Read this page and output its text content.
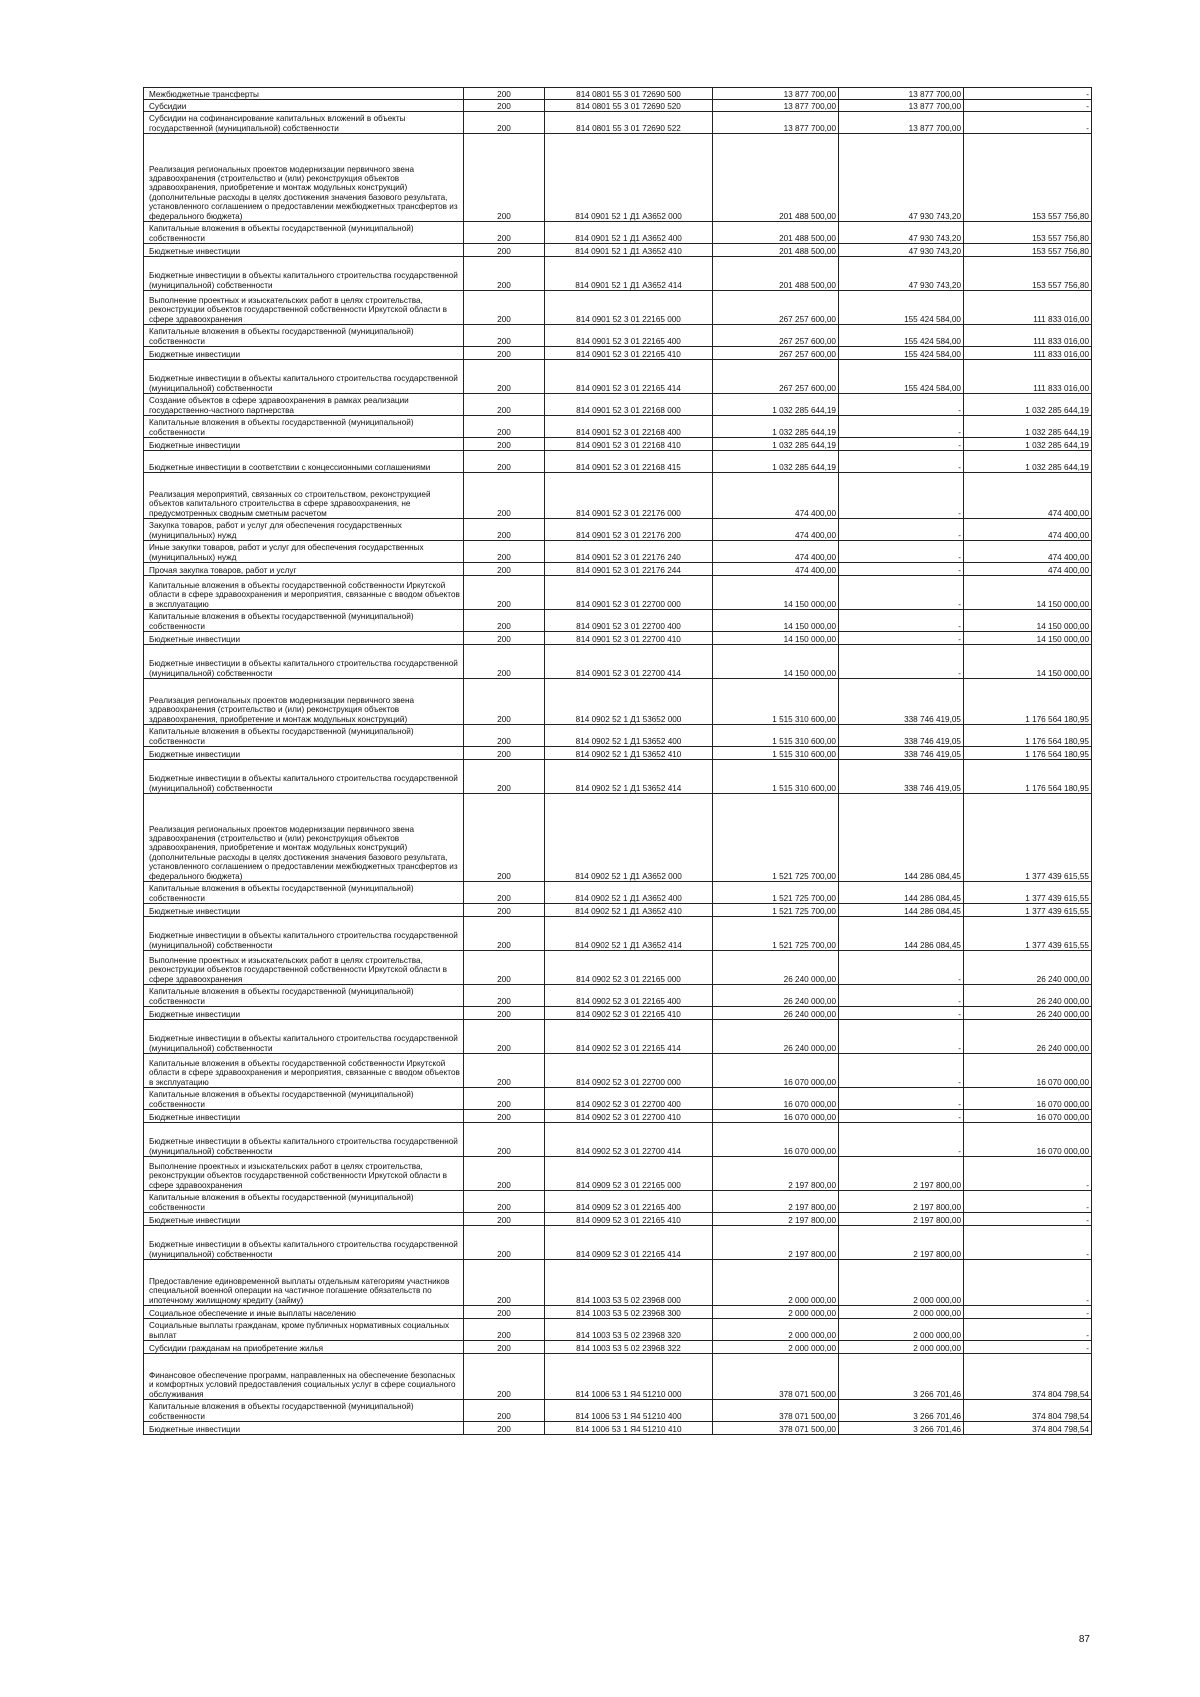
Межбюджетные трансферты	200	814 0801 55 3 01 72690 500	13 877 700,00	13 877 700,00	-
Субсидии	200	814 0801 55 3 01 72690 520	13 877 700,00	13 877 700,00	-
Субсидии на софинансирование капитальных вложений в объекты государственной (муниципальной) собственности	200	814 0801 55 3 01 72690 522	13 877 700,00	13 877 700,00	-
Реализация региональных проектов модернизации первичного звена здравоохранения (строительство и (или) реконструкция объектов здравоохранения, приобретение и монтаж модульных конструкций) (дополнительные расходы в целях достижения значения базового результата, установленного соглашением о предоставлении межбюджетных трансфертов из федерального бюджета)	200	814 0901 52 1 Д1 А3652 000	201 488 500,00	47 930 743,20	153 557 756,80
Капитальные вложения в объекты государственной (муниципальной) собственности	200	814 0901 52 1 Д1 А3652 400	201 488 500,00	47 930 743,20	153 557 756,80
Бюджетные инвестиции	200	814 0901 52 1 Д1 А3652 410	201 488 500,00	47 930 743,20	153 557 756,80
Бюджетные инвестиции в объекты капитального строительства государственной (муниципальной) собственности	200	814 0901 52 1 Д1 А3652 414	201 488 500,00	47 930 743,20	153 557 756,80
Выполнение проектных и изыскательских работ в целях строительства, реконструкции объектов государственной собственности Иркутской области в сфере здравоохранения	200	814 0901 52 3 01 22165 000	267 257 600,00	155 424 584,00	111 833 016,00
Капитальные вложения в объекты государственной (муниципальной) собственности	200	814 0901 52 3 01 22165 400	267 257 600,00	155 424 584,00	111 833 016,00
Бюджетные инвестиции	200	814 0901 52 3 01 22165 410	267 257 600,00	155 424 584,00	111 833 016,00
Бюджетные инвестиции в объекты капитального строительства государственной (муниципальной) собственности	200	814 0901 52 3 01 22165 414	267 257 600,00	155 424 584,00	111 833 016,00
Создание объектов в сфере здравоохранения в рамках реализации государственно-частного партнерства	200	814 0901 52 3 01 22168 000	1 032 285 644,19	-	1 032 285 644,19
Капитальные вложения в объекты государственной (муниципальной) собственности	200	814 0901 52 3 01 22168 400	1 032 285 644,19	-	1 032 285 644,19
Бюджетные инвестиции	200	814 0901 52 3 01 22168 410	1 032 285 644,19	-	1 032 285 644,19
Бюджетные инвестиции в соответствии с концессионными соглашениями	200	814 0901 52 3 01 22168 415	1 032 285 644,19	-	1 032 285 644,19
Реализация мероприятий, связанных со строительством, реконструкцией объектов капитального строительства в сфере здравоохранения, не предусмотренных сводным сметным расчетом	200	814 0901 52 3 01 22176 000	474 400,00	-	474 400,00
Закупка товаров, работ и услуг для обеспечения государственных (муниципальных) нужд	200	814 0901 52 3 01 22176 200	474 400,00	-	474 400,00
Иные закупки товаров, работ и услуг для обеспечения государственных (муниципальных) нужд	200	814 0901 52 3 01 22176 240	474 400,00	-	474 400,00
Прочая закупка товаров, работ и услуг	200	814 0901 52 3 01 22176 244	474 400,00	-	474 400,00
Капитальные вложения в объекты государственной собственности Иркутской области в сфере здравоохранения и мероприятия, связанные с вводом объектов в эксплуатацию	200	814 0901 52 3 01 22700 000	14 150 000,00	-	14 150 000,00
Капитальные вложения в объекты государственной (муниципальной) собственности	200	814 0901 52 3 01 22700 400	14 150 000,00	-	14 150 000,00
Бюджетные инвестиции	200	814 0901 52 3 01 22700 410	14 150 000,00	-	14 150 000,00
Бюджетные инвестиции в объекты капитального строительства государственной (муниципальной) собственности	200	814 0901 52 3 01 22700 414	14 150 000,00	-	14 150 000,00
Реализация региональных проектов модернизации первичного звена здравоохранения (строительство и (или) реконструкция объектов здравоохранения, приобретение и монтаж модульных конструкций)	200	814 0902 52 1 Д1 53652 000	1 515 310 600,00	338 746 419,05	1 176 564 180,95
Капитальные вложения в объекты государственной (муниципальной) собственности	200	814 0902 52 1 Д1 53652 400	1 515 310 600,00	338 746 419,05	1 176 564 180,95
Бюджетные инвестиции	200	814 0902 52 1 Д1 53652 410	1 515 310 600,00	338 746 419,05	1 176 564 180,95
Бюджетные инвестиции в объекты капитального строительства государственной (муниципальной) собственности	200	814 0902 52 1 Д1 53652 414	1 515 310 600,00	338 746 419,05	1 176 564 180,95
Реализация региональных проектов модернизации первичного звена здравоохранения (строительство и (или) реконструкция объектов здравоохранения, приобретение и монтаж модульных конструкций) (дополнительные расходы в целях достижения значения базового результата, установленного соглашением о предоставлении межбюджетных трансфертов из федерального бюджета)	200	814 0902 52 1 Д1 А3652 000	1 521 725 700,00	144 286 084,45	1 377 439 615,55
Капитальные вложения в объекты государственной (муниципальной) собственности	200	814 0902 52 1 Д1 А3652 400	1 521 725 700,00	144 286 084,45	1 377 439 615,55
Бюджетные инвестиции	200	814 0902 52 1 Д1 А3652 410	1 521 725 700,00	144 286 084,45	1 377 439 615,55
Бюджетные инвестиции в объекты капитального строительства государственной (муниципальной) собственности	200	814 0902 52 1 Д1 А3652 414	1 521 725 700,00	144 286 084,45	1 377 439 615,55
Выполнение проектных и изыскательских работ в целях строительства, реконструкции объектов государственной собственности Иркутской области в сфере здравоохранения	200	814 0902 52 3 01 22165 000	26 240 000,00	-	26 240 000,00
Капитальные вложения в объекты государственной (муниципальной) собственности	200	814 0902 52 3 01 22165 400	26 240 000,00	-	26 240 000,00
Бюджетные инвестиции	200	814 0902 52 3 01 22165 410	26 240 000,00	-	26 240 000,00
Бюджетные инвестиции в объекты капитального строительства государственной (муниципальной) собственности	200	814 0902 52 3 01 22165 414	26 240 000,00	-	26 240 000,00
Капитальные вложения в объекты государственной собственности Иркутской области в сфере здравоохранения и мероприятия, связанные с вводом объектов в эксплуатацию	200	814 0902 52 3 01 22700 000	16 070 000,00	-	16 070 000,00
Капитальные вложения в объекты государственной (муниципальной) собственности	200	814 0902 52 3 01 22700 400	16 070 000,00	-	16 070 000,00
Бюджетные инвестиции	200	814 0902 52 3 01 22700 410	16 070 000,00	-	16 070 000,00
Бюджетные инвестиции в объекты капитального строительства государственной (муниципальной) собственности	200	814 0902 52 3 01 22700 414	16 070 000,00	-	16 070 000,00
Выполнение проектных и изыскательских работ в целях строительства, реконструкции объектов государственной собственности Иркутской области в сфере здравоохранения	200	814 0909 52 3 01 22165 000	2 197 800,00	2 197 800,00	-
Капитальные вложения в объекты государственной (муниципальной) собственности	200	814 0909 52 3 01 22165 400	2 197 800,00	2 197 800,00	-
Бюджетные инвестиции	200	814 0909 52 3 01 22165 410	2 197 800,00	2 197 800,00	-
Бюджетные инвестиции в объекты капитального строительства государственной (муниципальной) собственности	200	814 0909 52 3 01 22165 414	2 197 800,00	2 197 800,00	-
Предоставление единовременной выплаты отдельным категориям участников специальной военной операции на частичное погашение обязательств по ипотечному жилищному кредиту (займу)	200	814 1003 53 5 02 23968 000	2 000 000,00	2 000 000,00	-
Социальное обеспечение и иные выплаты населению	200	814 1003 53 5 02 23968 300	2 000 000,00	2 000 000,00	-
Социальные выплаты гражданам, кроме публичных нормативных социальных выплат	200	814 1003 53 5 02 23968 320	2 000 000,00	2 000 000,00	-
Субсидии гражданам на приобретение жилья	200	814 1003 53 5 02 23968 322	2 000 000,00	2 000 000,00	-
Финансовое обеспечение программ, направленных на обеспечение безопасных и комфортных условий предоставления социальных услуг в сфере социального обслуживания	200	814 1006 53 1 Я4 51210 000	378 071 500,00	3 266 701,46	374 804 798,54
Капитальные вложения в объекты государственной (муниципальной) собственности	200	814 1006 53 1 Я4 51210 400	378 071 500,00	3 266 701,46	374 804 798,54
Бюджетные инвестиции	200	814 1006 53 1 Я4 51210 410	378 071 500,00	3 266 701,46	374 804 798,54
87
